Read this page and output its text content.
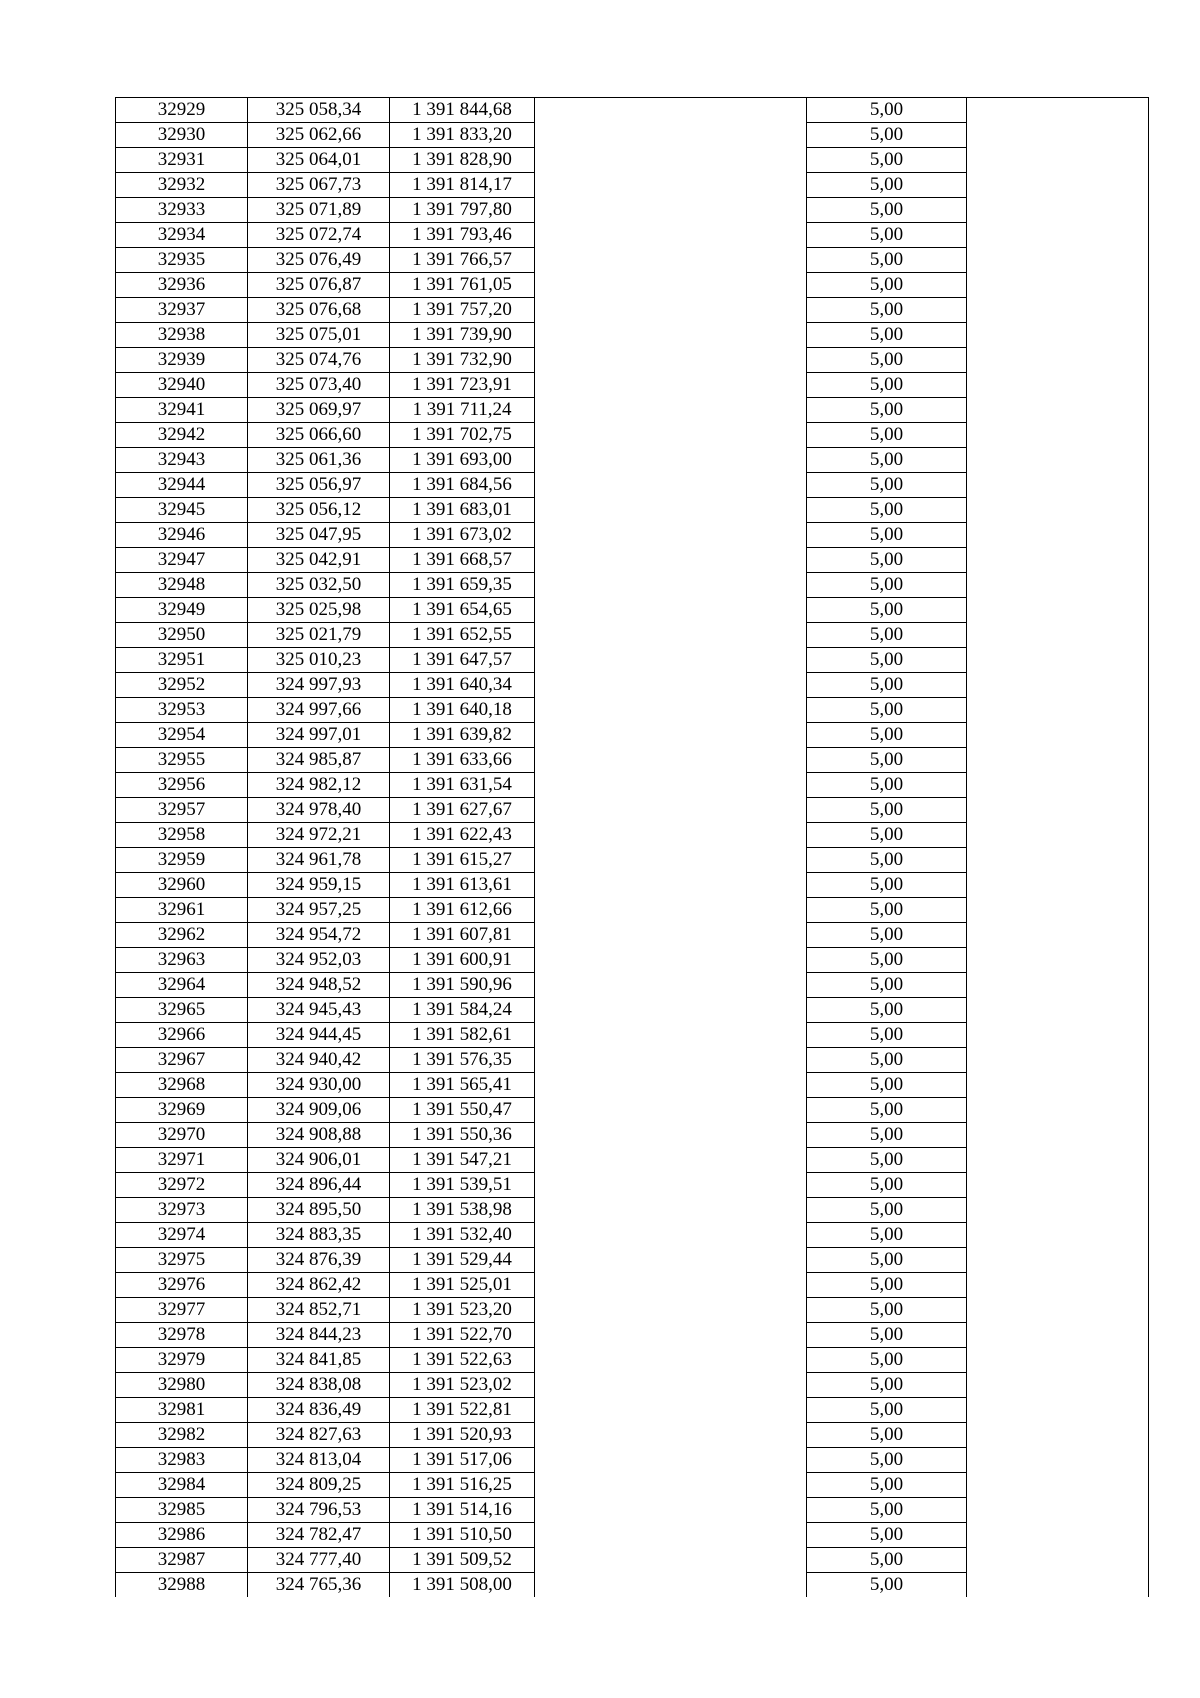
32929	325 058,34	1 391 844,68		5,00	
32930	325 062,66	1 391 833,20		5,00	
32931	325 064,01	1 391 828,90		5,00	
32932	325 067,73	1 391 814,17		5,00	
32933	325 071,89	1 391 797,80		5,00	
32934	325 072,74	1 391 793,46		5,00	
32935	325 076,49	1 391 766,57		5,00	
32936	325 076,87	1 391 761,05		5,00	
32937	325 076,68	1 391 757,20		5,00	
32938	325 075,01	1 391 739,90		5,00	
32939	325 074,76	1 391 732,90		5,00	
32940	325 073,40	1 391 723,91		5,00	
32941	325 069,97	1 391 711,24		5,00	
32942	325 066,60	1 391 702,75		5,00	
32943	325 061,36	1 391 693,00		5,00	
32944	325 056,97	1 391 684,56		5,00	
32945	325 056,12	1 391 683,01		5,00	
32946	325 047,95	1 391 673,02		5,00	
32947	325 042,91	1 391 668,57		5,00	
32948	325 032,50	1 391 659,35		5,00	
32949	325 025,98	1 391 654,65		5,00	
32950	325 021,79	1 391 652,55		5,00	
32951	325 010,23	1 391 647,57		5,00	
32952	324 997,93	1 391 640,34		5,00	
32953	324 997,66	1 391 640,18		5,00	
32954	324 997,01	1 391 639,82		5,00	
32955	324 985,87	1 391 633,66		5,00	
32956	324 982,12	1 391 631,54		5,00	
32957	324 978,40	1 391 627,67		5,00	
32958	324 972,21	1 391 622,43		5,00	
32959	324 961,78	1 391 615,27		5,00	
32960	324 959,15	1 391 613,61		5,00	
32961	324 957,25	1 391 612,66		5,00	
32962	324 954,72	1 391 607,81		5,00	
32963	324 952,03	1 391 600,91		5,00	
32964	324 948,52	1 391 590,96		5,00	
32965	324 945,43	1 391 584,24		5,00	
32966	324 944,45	1 391 582,61		5,00	
32967	324 940,42	1 391 576,35		5,00	
32968	324 930,00	1 391 565,41		5,00	
32969	324 909,06	1 391 550,47		5,00	
32970	324 908,88	1 391 550,36		5,00	
32971	324 906,01	1 391 547,21		5,00	
32972	324 896,44	1 391 539,51		5,00	
32973	324 895,50	1 391 538,98		5,00	
32974	324 883,35	1 391 532,40		5,00	
32975	324 876,39	1 391 529,44		5,00	
32976	324 862,42	1 391 525,01		5,00	
32977	324 852,71	1 391 523,20		5,00	
32978	324 844,23	1 391 522,70		5,00	
32979	324 841,85	1 391 522,63		5,00	
32980	324 838,08	1 391 523,02		5,00	
32981	324 836,49	1 391 522,81		5,00	
32982	324 827,63	1 391 520,93		5,00	
32983	324 813,04	1 391 517,06		5,00	
32984	324 809,25	1 391 516,25		5,00	
32985	324 796,53	1 391 514,16		5,00	
32986	324 782,47	1 391 510,50		5,00	
32987	324 777,40	1 391 509,52		5,00	
32988	324 765,36	1 391 508,00		5,00	
